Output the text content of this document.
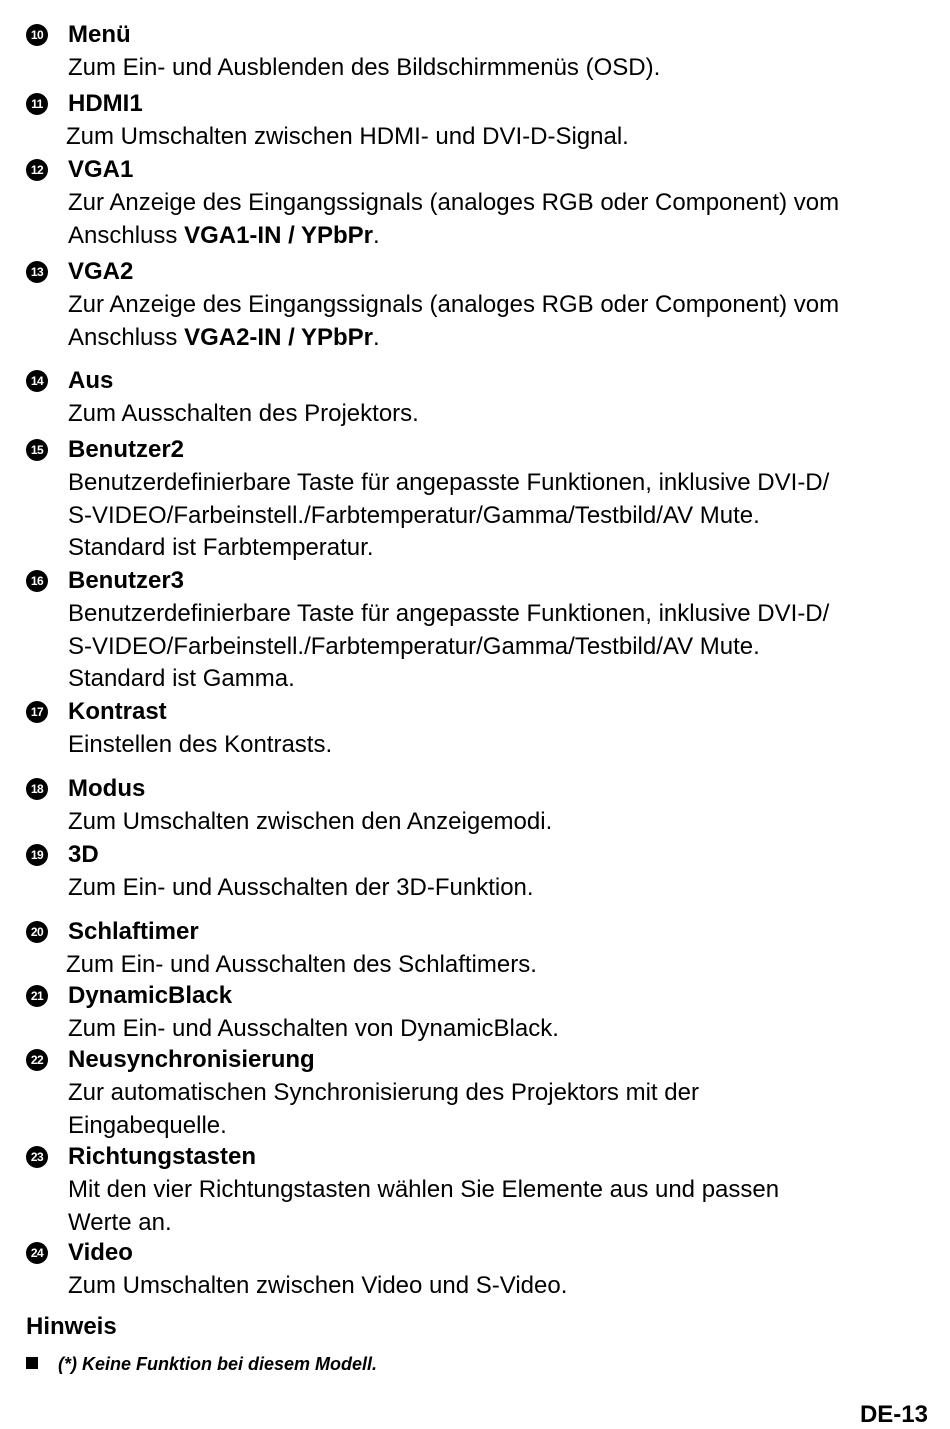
10 Menü
Zum Ein- und Ausblenden des Bildschirmmenüs (OSD).
11 HDMI1
Zum Umschalten zwischen HDMI- und DVI-D-Signal.
12 VGA1
Zur Anzeige des Eingangssignals (analoges RGB oder Component) vom
Anschluss VGA1-IN / YPbPr.
13 VGA2
Zur Anzeige des Eingangssignals (analoges RGB oder Component) vom
Anschluss VGA2-IN / YPbPr.
14 Aus
Zum Ausschalten des Projektors.
15 Benutzer2
Benutzerdefinierbare Taste für angepasste Funktionen, inklusive DVI-D/
S-VIDEO/Farbeinstell./Farbtemperatur/Gamma/Testbild/AV Mute.
Standard ist Farbtemperatur.
16 Benutzer3
Benutzerdefinierbare Taste für angepasste Funktionen, inklusive DVI-D/
S-VIDEO/Farbeinstell./Farbtemperatur/Gamma/Testbild/AV Mute.
Standard ist Gamma.
17 Kontrast
Einstellen des Kontrasts.
18 Modus
Zum Umschalten zwischen den Anzeigemodi.
19 3D
Zum Ein- und Ausschalten der 3D-Funktion.
20 Schlaftimer
Zum Ein- und Ausschalten des Schlaftimers.
21 DynamicBlack
Zum Ein- und Ausschalten von DynamicBlack.
22 Neusynchronisierung
Zur automatischen Synchronisierung des Projektors mit der
Eingabequelle.
23 Richtungstasten
Mit den vier Richtungstasten wählen Sie Elemente aus und passen
Werte an.
24 Video
Zum Umschalten zwischen Video und S-Video.
Hinweis
(*) Keine Funktion bei diesem Modell.
DE-13
